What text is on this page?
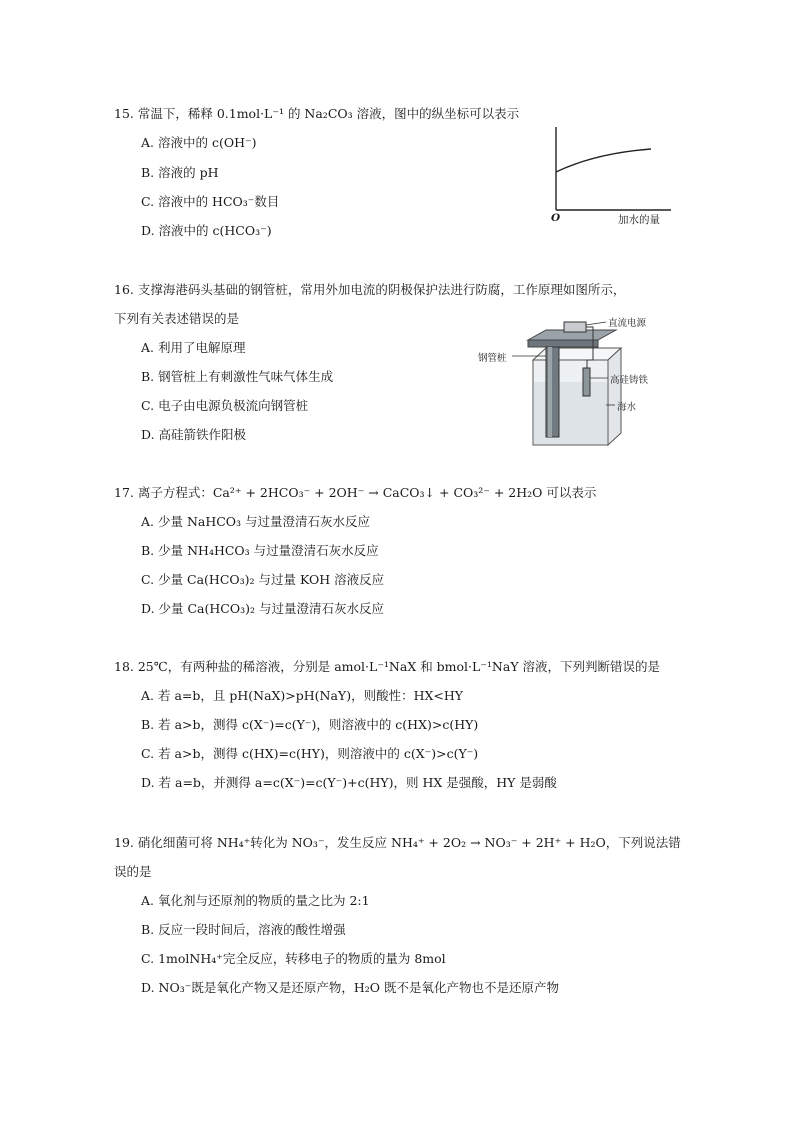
15. 常温下，稀释 0.1mol·L⁻¹ 的 Na₂CO₃ 溶液，图中的纵坐标可以表示
A. 溶液中的 c(OH⁻)
B. 溶液的 pH
C. 溶液中的 HCO₃⁻数目
D. 溶液中的 c(HCO₃⁻)
O	加水的量
16. 支撑海港码头基础的钢管桩，常用外加电流的阴极保护法进行防腐，工作原理如图所示，
下列有关表述错误的是
A. 利用了电解原理
B. 钢管桩上有刺激性气味气体生成
C. 电子由电源负极流向钢管桩
D. 高硅箭铁作阳极
直流电源
钢管桩
高硅铸铁
海水
17. 离子方程式：Ca²⁺ + 2HCO₃⁻ + 2OH⁻ → CaCO₃↓ + CO₃²⁻ + 2H₂O 可以表示
A. 少量 NaHCO₃ 与过量澄清石灰水反应
B. 少量 NH₄HCO₃ 与过量澄清石灰水反应
C. 少量 Ca(HCO₃)₂ 与过量 KOH 溶液反应
D. 少量 Ca(HCO₃)₂ 与过量澄清石灰水反应
18. 25℃，有两种盐的稀溶液，分别是 amol·L⁻¹NaX 和 bmol·L⁻¹NaY 溶液，下列判断错误的是
A. 若 a=b，且 pH(NaX)>pH(NaY)，则酸性：HX<HY
B. 若 a>b，测得 c(X⁻)=c(Y⁻)，则溶液中的 c(HX)>c(HY)
C. 若 a>b，测得 c(HX)=c(HY)，则溶液中的 c(X⁻)>c(Y⁻)
D. 若 a=b，并测得 a=c(X⁻)=c(Y⁻)+c(HY)，则 HX 是强酸，HY 是弱酸
19. 硝化细菌可将 NH₄⁺转化为 NO₃⁻，发生反应 NH₄⁺ + 2O₂ → NO₃⁻ + 2H⁺ + H₂O，下列说法错
误的是
A. 氧化剂与还原剂的物质的量之比为 2:1
B. 反应一段时间后，溶液的酸性增强
C. 1molNH₄⁺完全反应，转移电子的物质的量为 8mol
D. NO₃⁻既是氧化产物又是还原产物，H₂O 既不是氧化产物也不是还原产物
